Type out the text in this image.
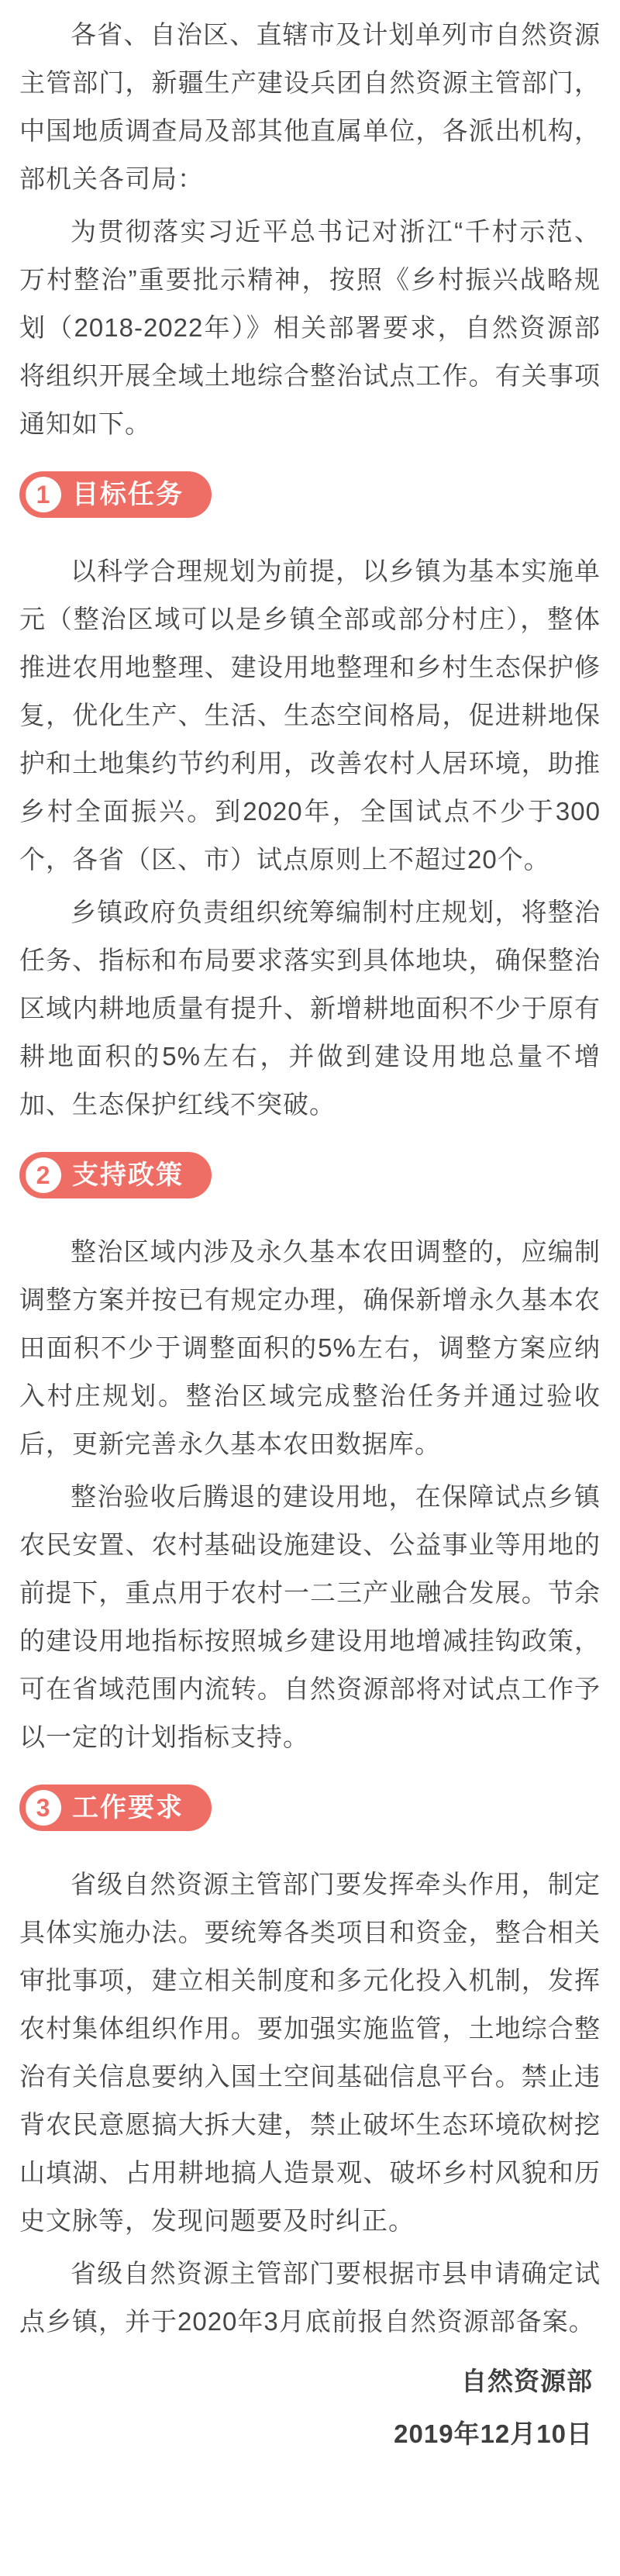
各省、自治区、直辖市及计划单列市自然资源主管部门，新疆生产建设兵团自然资源主管部门，中国地质调查局及部其他直属单位，各派出机构，部机关各司局：

为贯彻落实习近平总书记对浙江“千村示范、万村整治”重要批示精神，按照《乡村振兴战略规划（2018-2022年）》相关部署要求，自然资源部将组织开展全域土地综合整治试点工作。有关事项通知如下。

1 目标任务

以科学合理规划为前提，以乡镇为基本实施单元（整治区域可以是乡镇全部或部分村庄），整体推进农用地整理、建设用地整理和乡村生态保护修复，优化生产、生活、生态空间格局，促进耕地保护和土地集约节约利用，改善农村人居环境，助推乡村全面振兴。到2020年，全国试点不少于300个，各省（区、市）试点原则上不超过20个。

乡镇政府负责组织统筹编制村庄规划，将整治任务、指标和布局要求落实到具体地块，确保整治区域内耕地质量有提升、新增耕地面积不少于原有耕地面积的5%左右，并做到建设用地总量不增加、生态保护红线不突破。

2 支持政策

整治区域内涉及永久基本农田调整的，应编制调整方案并按已有规定办理，确保新增永久基本农田面积不少于调整面积的5%左右，调整方案应纳入村庄规划。整治区域完成整治任务并通过验收后，更新完善永久基本农田数据库。

整治验收后腾退的建设用地，在保障试点乡镇农民安置、农村基础设施建设、公益事业等用地的前提下，重点用于农村一二三产业融合发展。节余的建设用地指标按照城乡建设用地增减挂钩政策，可在省域范围内流转。自然资源部将对试点工作予以一定的计划指标支持。

3 工作要求

省级自然资源主管部门要发挥牵头作用，制定具体实施办法。要统筹各类项目和资金，整合相关审批事项，建立相关制度和多元化投入机制，发挥农村集体组织作用。要加强实施监管，土地综合整治有关信息要纳入国土空间基础信息平台。禁止违背农民意愿搞大拆大建，禁止破坏生态环境砍树挖山填湖、占用耕地搞人造景观、破坏乡村风貌和历史文脉等，发现问题要及时纠正。

省级自然资源主管部门要根据市县申请确定试点乡镇，并于2020年3月底前报自然资源部备案。

自然资源部
2019年12月10日
